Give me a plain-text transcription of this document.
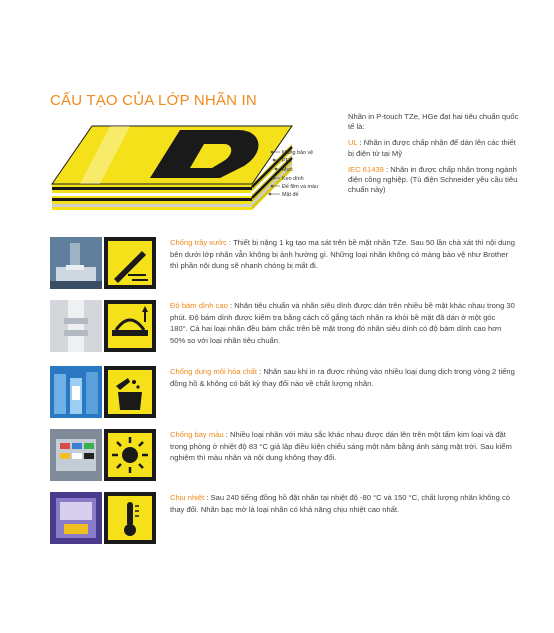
CẤU TẠO CỦA LỚP NHÃN IN
Màng bảo vệ
PET
Mực
Keo dính
Đế film và màu
Mặt đế

Nhãn in P-touch TZe, HGe đạt hai tiêu chuẩn quốc tế là:

UL : Nhãn in được chấp nhận để dán lên các thiết bị điện tử tại Mỹ

IEC 61439 : Nhãn in được chấp nhận trong ngành điện công nghiệp. (Tủ điện Schneider yêu cầu tiêu chuẩn này)

Chống trầy xước : Thiết bị nặng 1 kg tạo ma sát trên bề mặt nhãn TZe. Sau 50 lần chà xát thì nội dung bên dưới lớp nhãn vẫn không bị ảnh hưởng gì. Những loại nhãn không có màng bảo vệ như Brother thì phần nội dung sẽ nhanh chóng bị mất đi.

Độ bám dính cao : Nhãn tiêu chuẩn và nhãn siêu dính được dán trên nhiều bề mặt khác nhau trong 30 phút. Độ bám dính được kiểm tra bằng cách cố gắng tách nhãn ra khỏi bề mặt đã dán ở một góc 180°. Cả hai loại nhãn đều bám chắc trên bề mặt trong đó nhãn siêu dính có độ bám dính cao hơn 50% so với loại nhãn tiêu chuẩn.

Chống dung môi hóa chất : Nhãn sau khi in ra được nhúng vào nhiều loại dung dịch trong vòng 2 tiếng đồng hồ & không có bất kỳ thay đổi nào về chất lượng nhãn.

Chống bay màu : Nhiều loại nhãn với màu sắc khác nhau được dán lên trên một tấm kim loại và đặt trong phòng ở nhiệt độ 83 °C giả lập điều kiện chiếu sáng một năm bằng ánh sáng mặt trời. Sau kiểm nghiệm thì màu nhãn và nội dung không thay đổi.

Chịu nhiệt : Sau 240 tiếng đồng hồ đặt nhãn tại nhiệt độ -80 °C và 150 °C, chất lượng nhãn không có thay đổi. Nhãn bạc mờ là loại nhãn có khả năng chịu nhiệt cao nhất.
